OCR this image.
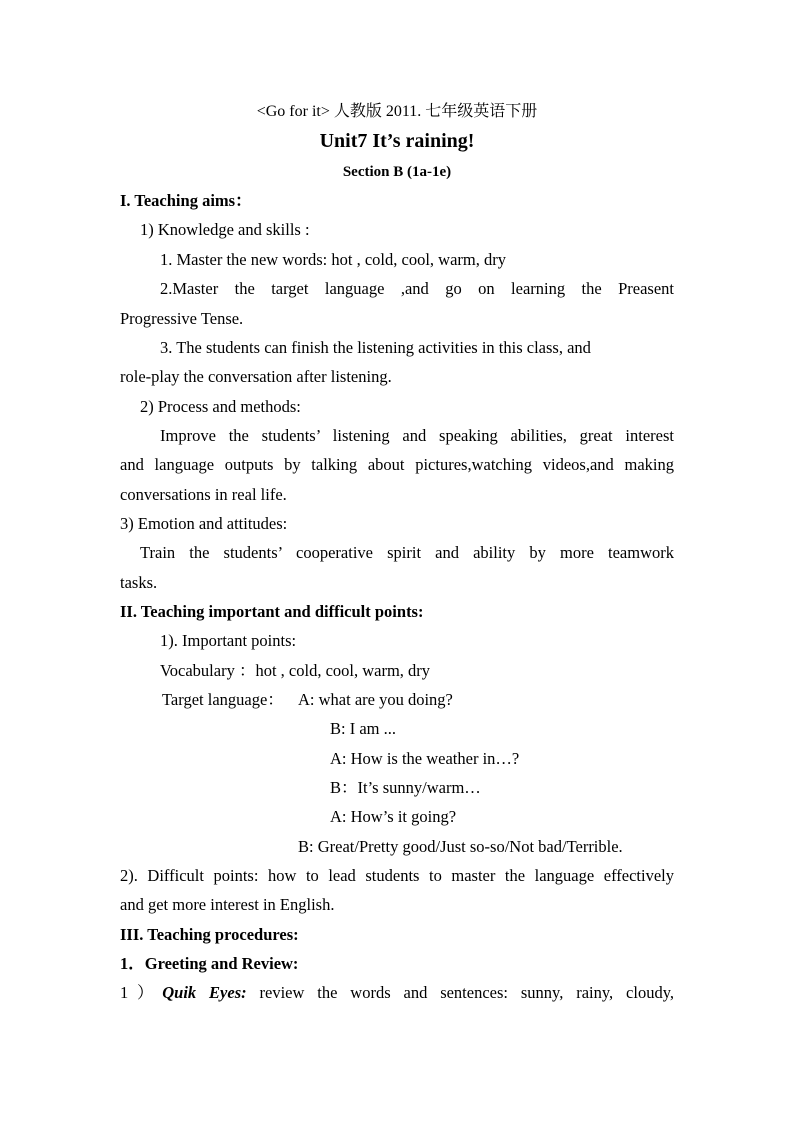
<Go for it> 人教版 2011. 七年级英语下册
Unit7 It’s raining!
Section B (1a-1e)
I. Teaching aims：
1) Knowledge and skills :
1. Master the new words: hot , cold, cool, warm, dry
2.Master the target language ,and go on learning the Preasent
Progressive Tense.
3. The students can finish the listening activities in this class, and
role-play the conversation after listening.
2) Process and methods:
Improve the students’ listening and speaking abilities, great interest
and language outputs by talking about pictures,watching videos,and making
conversations in real life.
3) Emotion and attitudes:
Train the students’ cooperative spirit and ability by more teamwork
tasks.
II. Teaching important and difficult points:
1). Important points:
Vocabulary ：hot , cold, cool, warm, dry
Target language： A: what are you doing?
B: I am ...
A: How is the weather in…?
B：It’s sunny/warm…
A: How’s it going?
B: Great/Pretty good/Just so-so/Not bad/Terrible.
2). Difficult points: how to lead students to master the language effectively
and get more interest in English.
III. Teaching procedures:
1．Greeting and Review:
1）Quik Eyes: review the words and sentences: sunny, rainy, cloudy,
